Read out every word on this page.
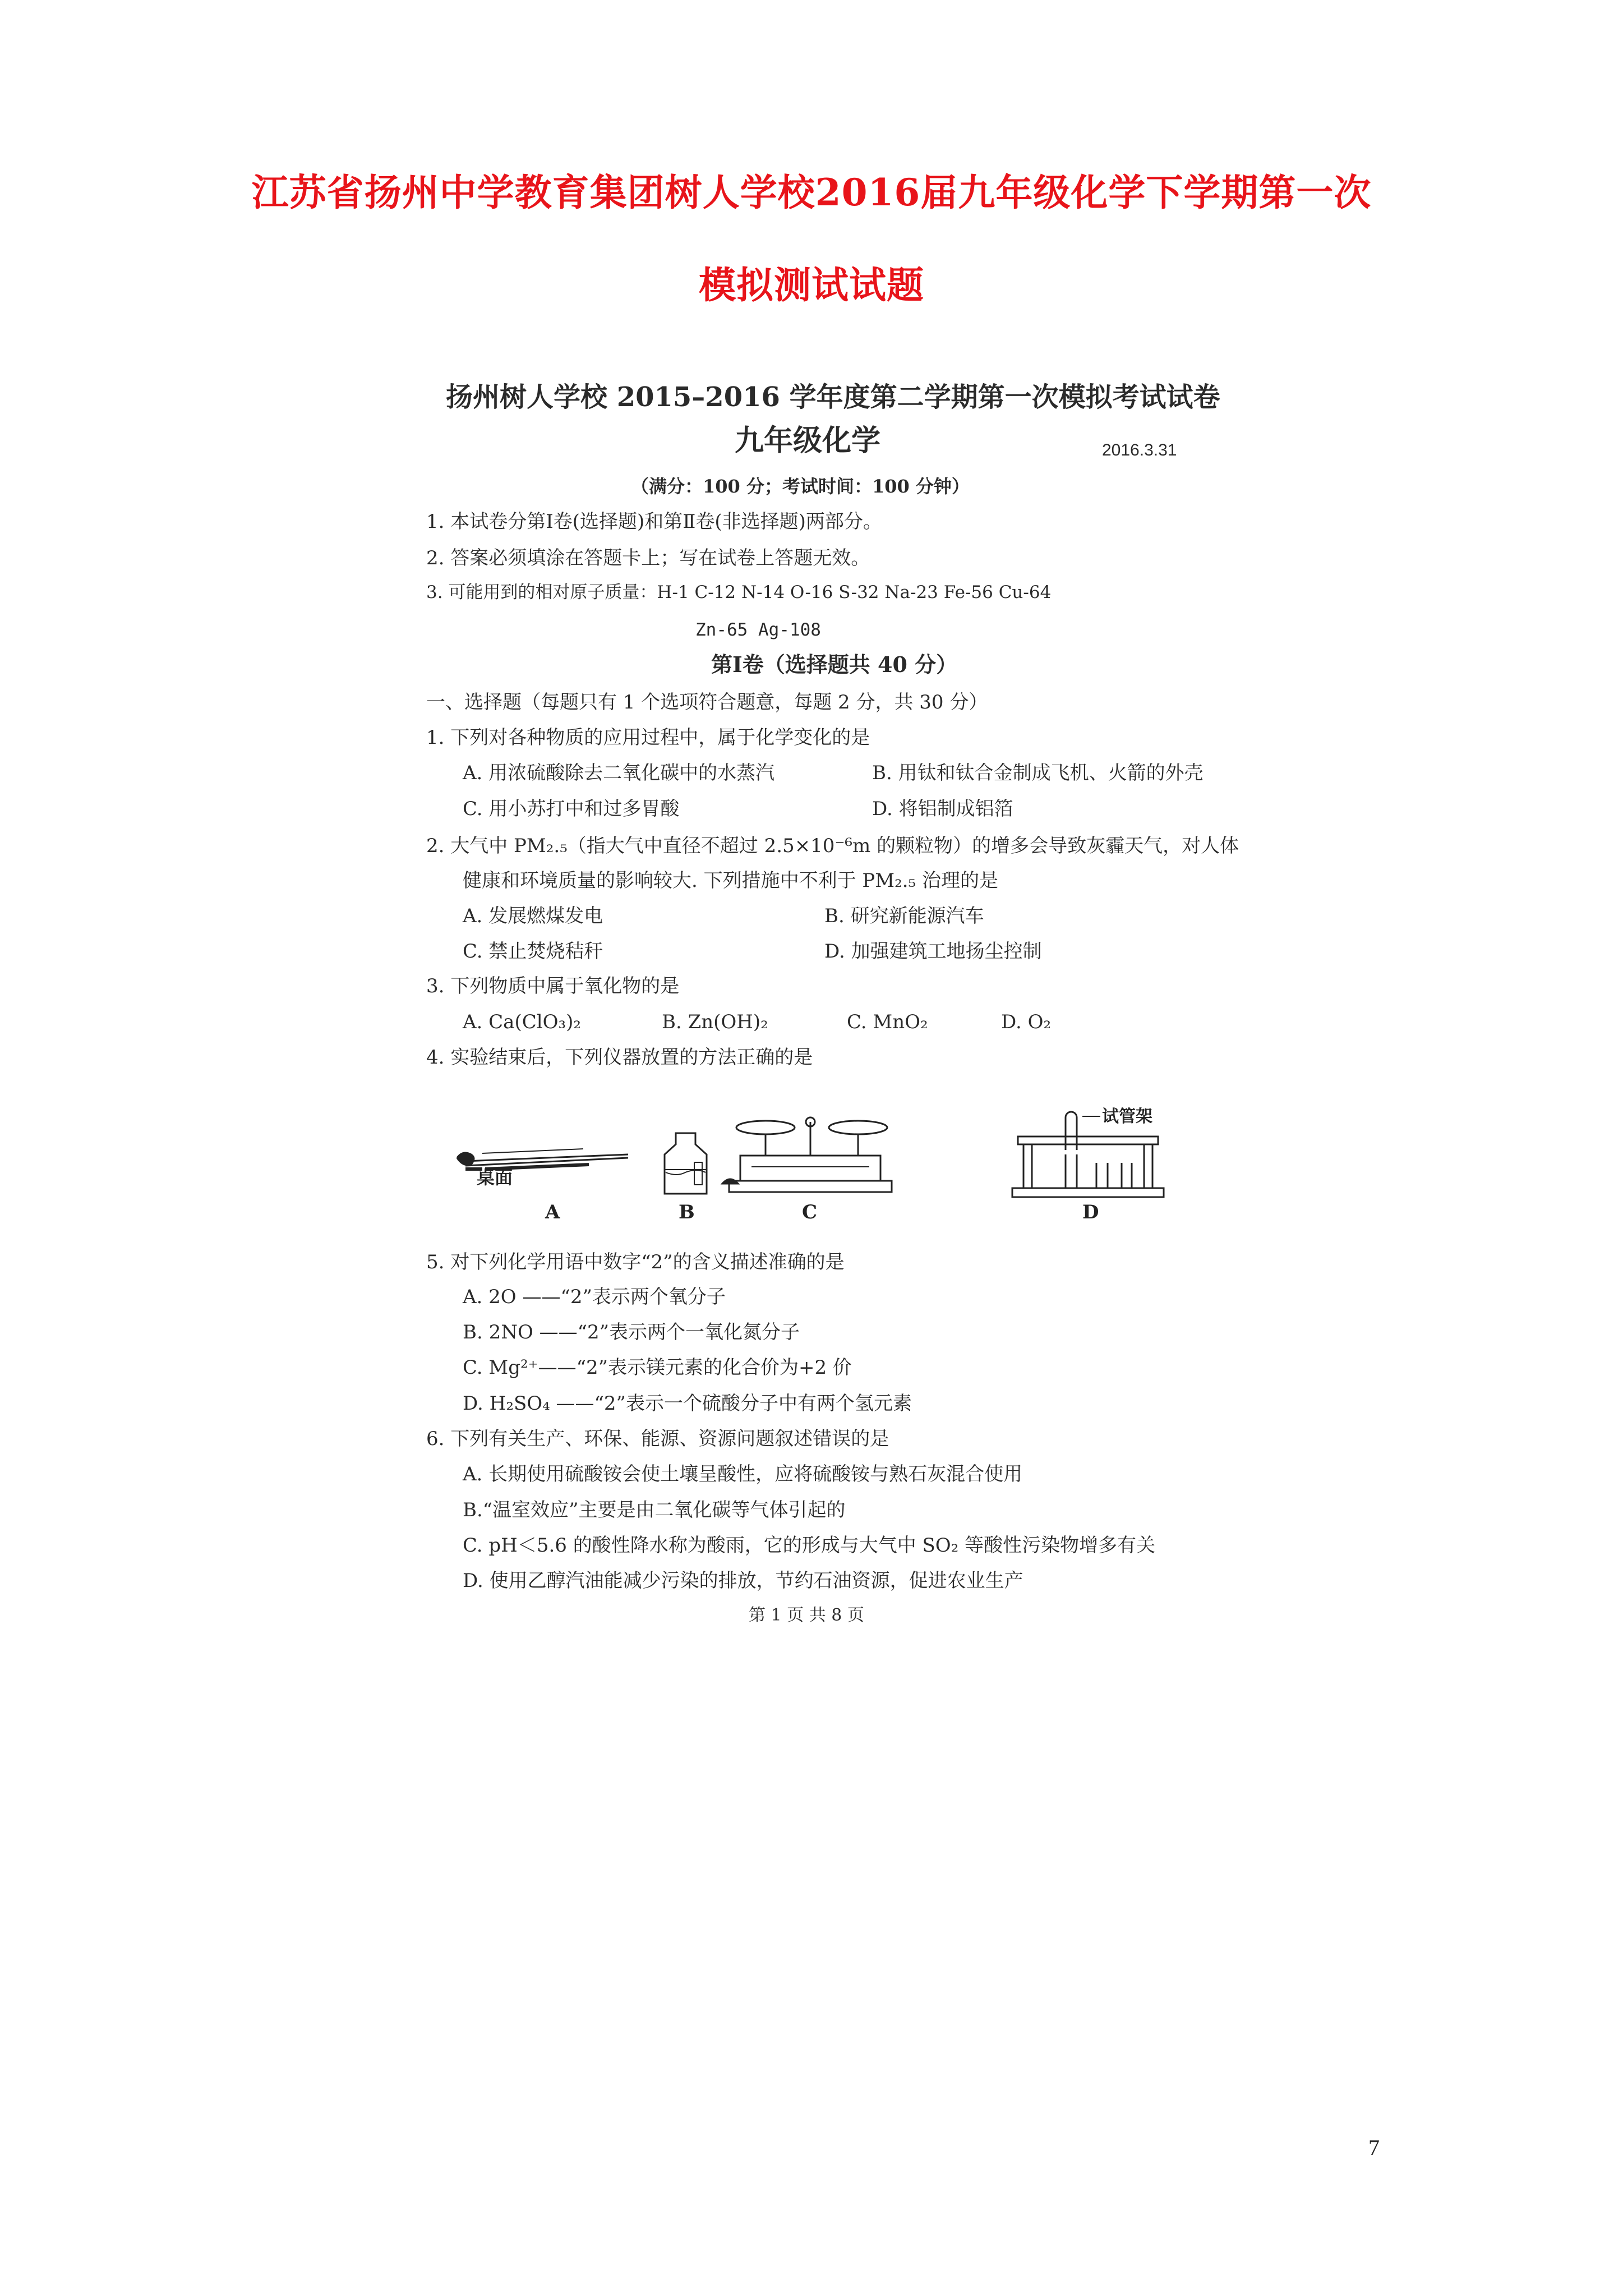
江苏省扬州中学教育集团树人学校2016届九年级化学下学期第一次
模拟测试试题
扬州树人学校 2015–2016 学年度第二学期第一次模拟考试试卷
九年级化学	2016.3.31
（满分：100 分；考试时间：100 分钟）
1. 本试卷分第Ⅰ卷(选择题)和第Ⅱ卷(非选择题)两部分。
2. 答案必须填涂在答题卡上；写在试卷上答题无效。
3. 可能用到的相对原子质量：H-1 C-12 N-14 O-16 S-32 Na-23 Fe-56 Cu-64
Zn-65 Ag-108
第Ⅰ卷（选择题共 40 分）
一、选择题（每题只有 1 个选项符合题意，每题 2 分，共 30 分）
1. 下列对各种物质的应用过程中，属于化学变化的是
A. 用浓硫酸除去二氧化碳中的水蒸汽	B. 用钛和钛合金制成飞机、火箭的外壳
C. 用小苏打中和过多胃酸	D. 将铝制成铝箔
2. 大气中 PM₂.₅（指大气中直径不超过 2.5×10⁻⁶m 的颗粒物）的增多会导致灰霾天气，对人体
健康和环境质量的影响较大. 下列措施中不利于 PM₂.₅ 治理的是
A. 发展燃煤发电	B. 研究新能源汽车
C. 禁止焚烧秸秆	D. 加强建筑工地扬尘控制
3. 下列物质中属于氧化物的是
A. Ca(ClO₃)₂	B. Zn(OH)₂	C. MnO₂	D. O₂
4. 实验结束后，下列仪器放置的方法正确的是
桌面
试管架
A	B	C	D
5. 对下列化学用语中数字“2”的含义描述准确的是
A. 2O ——“2”表示两个氧分子
B. 2NO ——“2”表示两个一氧化氮分子
C. Mg²⁺——“2”表示镁元素的化合价为+2 价
D. H₂SO₄ ——“2”表示一个硫酸分子中有两个氢元素
6. 下列有关生产、环保、能源、资源问题叙述错误的是
A. 长期使用硫酸铵会使土壤呈酸性，应将硫酸铵与熟石灰混合使用
B.“温室效应”主要是由二氧化碳等气体引起的
C. pH＜5.6 的酸性降水称为酸雨，它的形成与大气中 SO₂ 等酸性污染物增多有关
D. 使用乙醇汽油能减少污染的排放，节约石油资源，促进农业生产
第 1 页 共 8 页
7
